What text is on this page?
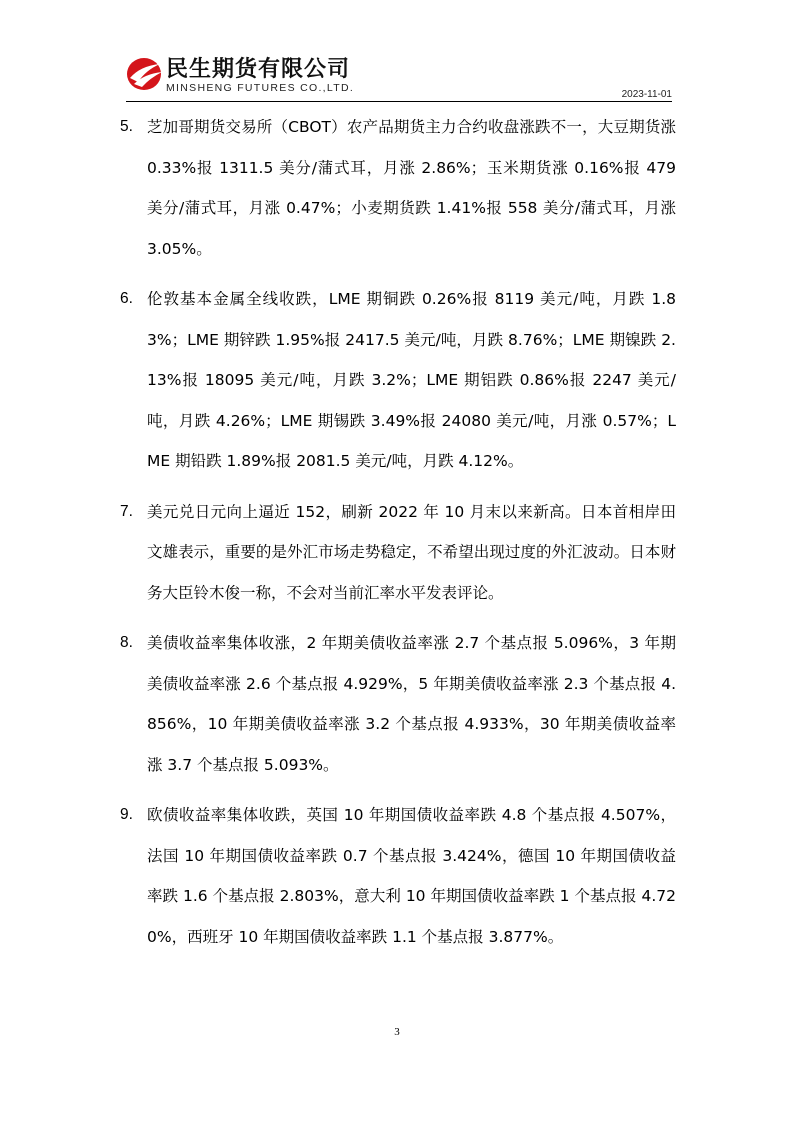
民生期货有限公司
MINSHENG FUTURES CO.,LTD.
2023-11-01
5. 芝加哥期货交易所（CBOT）农产品期货主力合约收盘涨跌不一，大豆期货涨 0.33%报 1311.5 美分/蒲式耳，月涨 2.86%；玉米期货涨 0.16%报 479 美分/蒲式耳，月涨 0.47%；小麦期货跌 1.41%报 558 美分/蒲式耳，月涨 3.05%。
6. 伦敦基本金属全线收跌，LME 期铜跌 0.26%报 8119 美元/吨，月跌 1.83%；LME 期锌跌 1.95%报 2417.5 美元/吨，月跌 8.76%；LME 期镍跌 2.13%报 18095 美元/吨，月跌 3.2%；LME 期铝跌 0.86%报 2247 美元/吨，月跌 4.26%；LME 期锡跌 3.49%报 24080 美元/吨，月涨 0.57%；LME 期铅跌 1.89%报 2081.5 美元/吨，月跌 4.12%。
7. 美元兑日元向上逼近 152，刷新 2022 年 10 月末以来新高。日本首相岸田文雄表示，重要的是外汇市场走势稳定，不希望出现过度的外汇波动。日本财务大臣铃木俊一称，不会对当前汇率水平发表评论。
8. 美债收益率集体收涨，2 年期美债收益率涨 2.7 个基点报 5.096%，3 年期美债收益率涨 2.6 个基点报 4.929%，5 年期美债收益率涨 2.3 个基点报 4.856%，10 年期美债收益率涨 3.2 个基点报 4.933%，30 年期美债收益率涨 3.7 个基点报 5.093%。
9. 欧债收益率集体收跌，英国 10 年期国债收益率跌 4.8 个基点报 4.507%，法国 10 年期国债收益率跌 0.7 个基点报 3.424%，德国 10 年期国债收益率跌 1.6 个基点报 2.803%，意大利 10 年期国债收益率跌 1 个基点报 4.720%，西班牙 10 年期国债收益率跌 1.1 个基点报 3.877%。
3
